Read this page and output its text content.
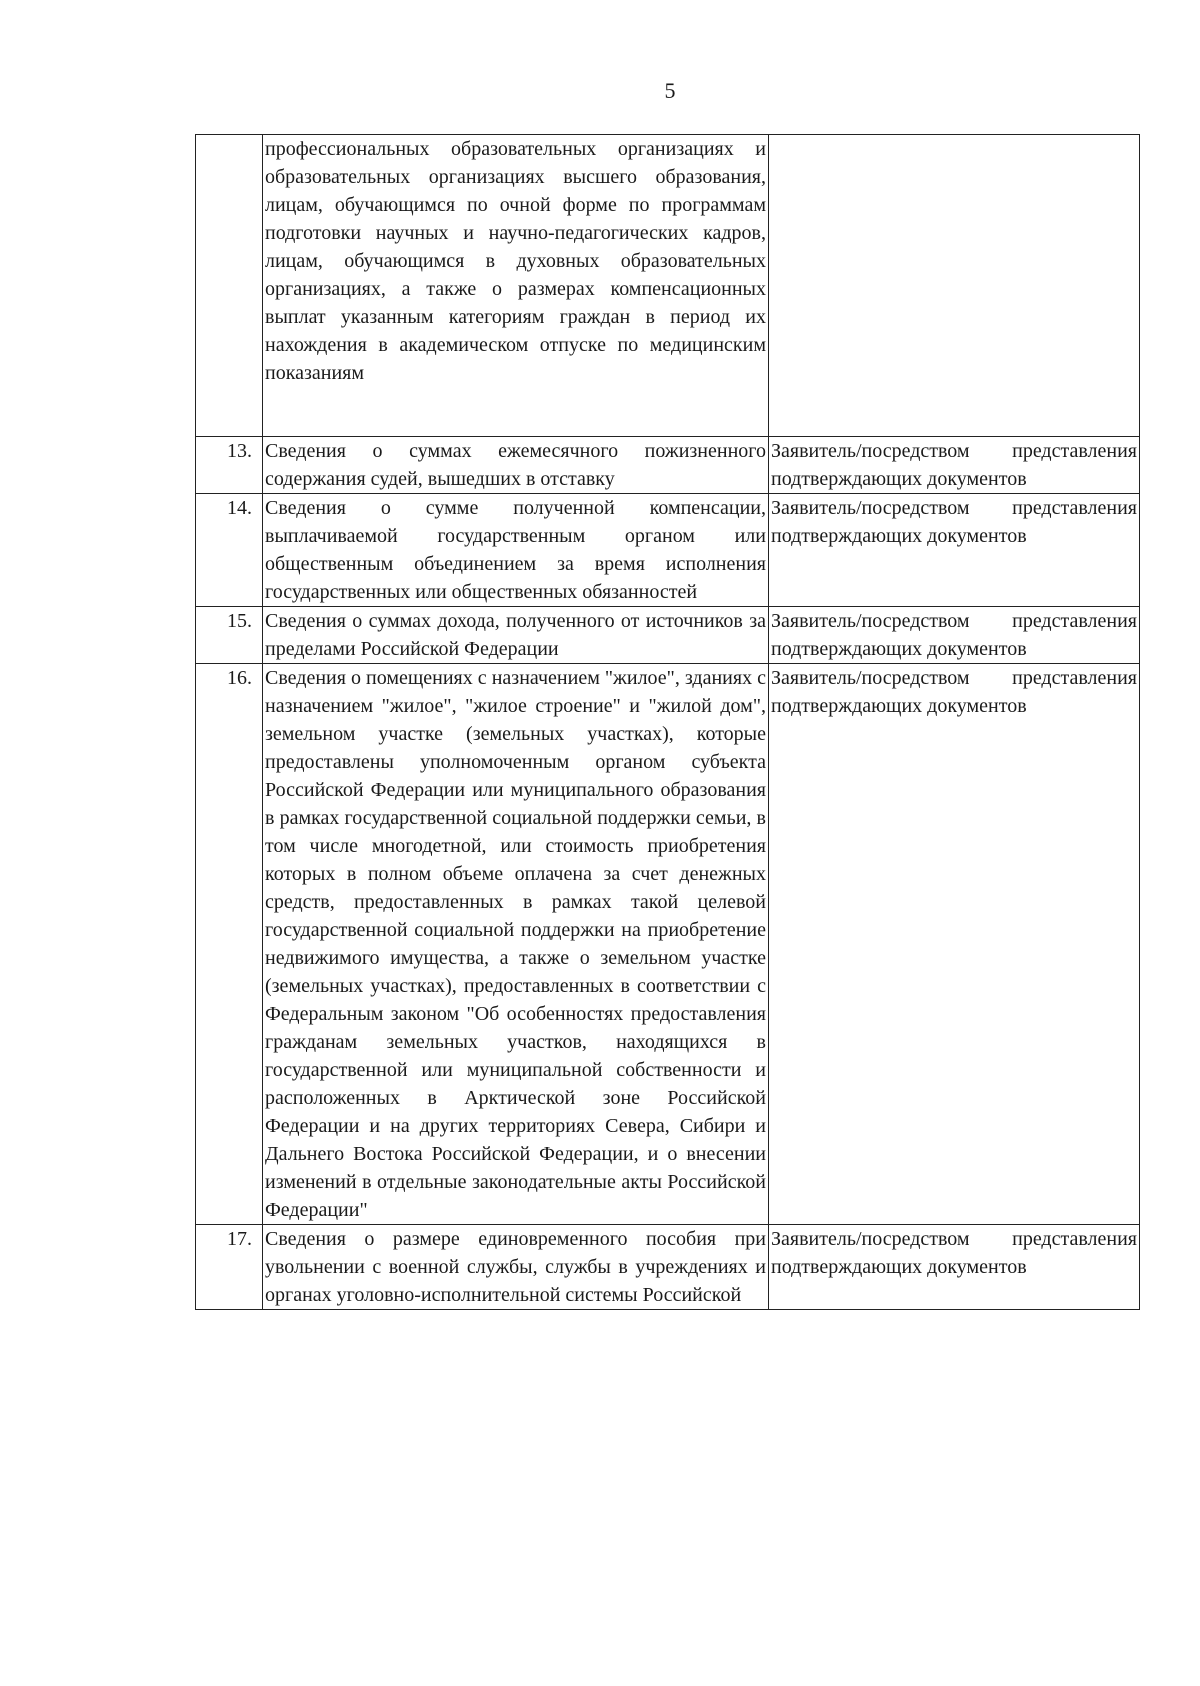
5
	профессиональных образовательных организациях и образовательных организациях высшего образования, лицам, обучающимся по очной форме по программам подготовки научных и научно-педагогических кадров, лицам, обучающимся в духовных образовательных организациях, а также о размерах компенсационных выплат указанным категориям граждан в период их нахождения в академическом отпуске по медицинским показаниям	
13.	Сведения о суммах ежемесячного пожизненного содержания судей, вышедших в отставку	Заявитель/посредством представления подтверждающих документов
14.	Сведения о сумме полученной компенсации, выплачиваемой государственным органом или общественным объединением за время исполнения государственных или общественных обязанностей	Заявитель/посредством представления подтверждающих документов
15.	Сведения о суммах дохода, полученного от источников за пределами Российской Федерации	Заявитель/посредством представления подтверждающих документов
16.	Сведения о помещениях с назначением "жилое", зданиях с назначением "жилое", "жилое строение" и "жилой дом", земельном участке (земельных участках), которые предоставлены уполномоченным органом субъекта Российской Федерации или муниципального образования в рамках государственной социальной поддержки семьи, в том числе многодетной, или стоимость приобретения которых в полном объеме оплачена за счет денежных средств, предоставленных в рамках такой целевой государственной социальной поддержки на приобретение недвижимого имущества, а также о земельном участке (земельных участках), предоставленных в соответствии с Федеральным законом "Об особенностях предоставления гражданам земельных участков, находящихся в государственной или муниципальной собственности и расположенных в Арктической зоне Российской Федерации и на других территориях Севера, Сибири и Дальнего Востока Российской Федерации, и о внесении изменений в отдельные законодательные акты Российской Федерации"	Заявитель/посредством представления подтверждающих документов
17.	Сведения о размере единовременного пособия при увольнении с военной службы, службы в учреждениях и органах уголовно-исполнительной системы Российской	Заявитель/посредством представления подтверждающих документов
